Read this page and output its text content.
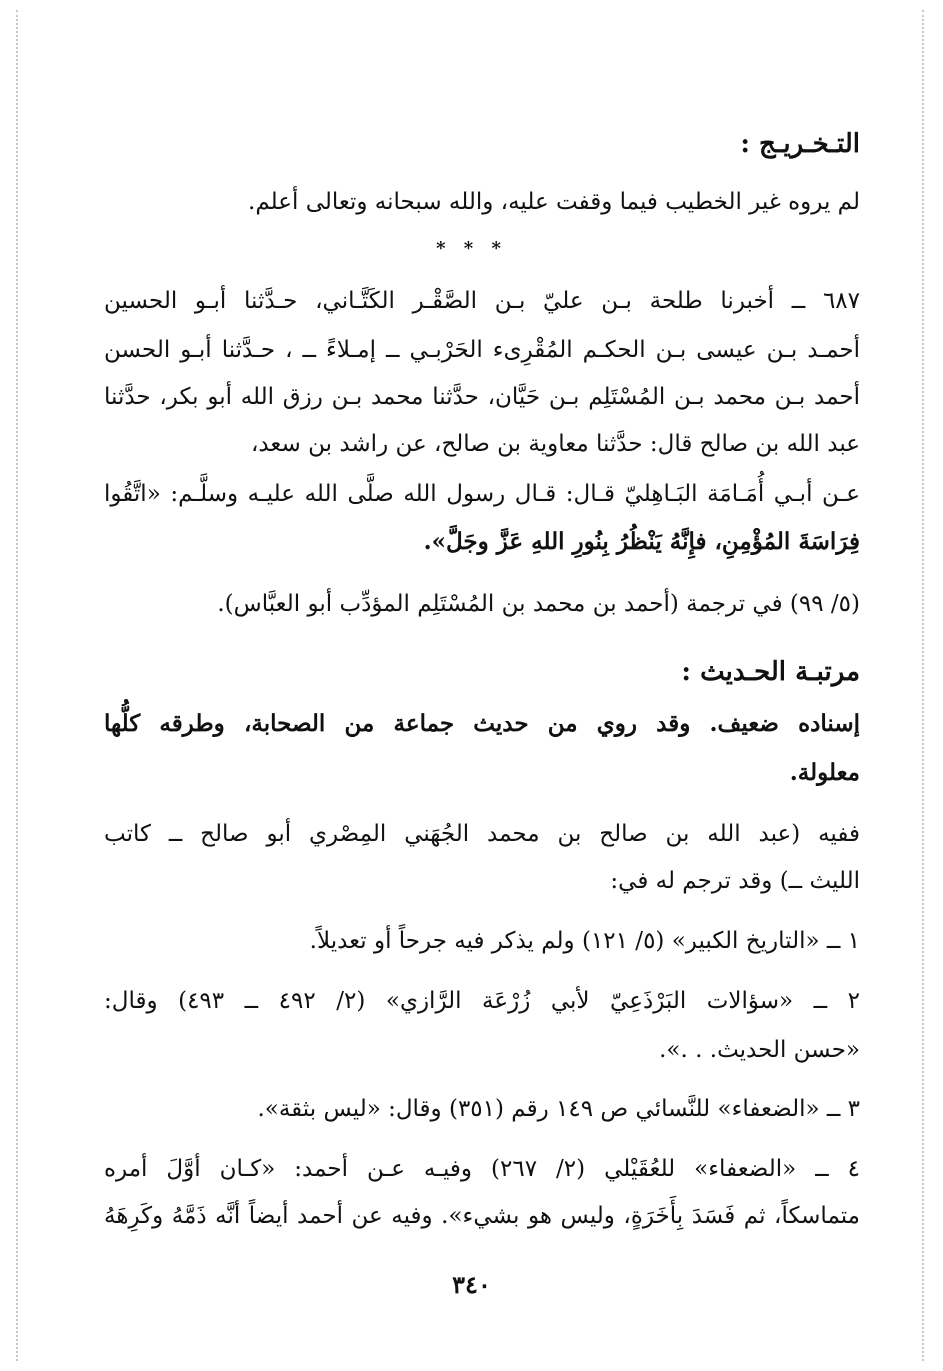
التـخـريـج :
لم يروه غير الخطيب فيما وقفت عليه، والله سبحانه وتعالى أعلم.
* * *
٦٨٧ ــ أخبرنا طلحة بـن عليّ بـن الصَّقْـر الكَتَّـاني، حـدَّثنا أبـو الحسين
أحمـد بـن عيسى بـن الحكـم المُقْرِىء الحَرْبـي ــ إمـلاءً ــ ، حـدَّثنا أبـو الحسن
أحمد بـن محمد بـن المُسْتَلِم بـن حَيَّان، حدَّثنا محمد بـن رزق الله أبو بكر، حدَّثنا
عبد الله بن صالح قال: حدَّثنا معاوية بن صالح، عن راشد بن سعد،
عـن أبـي أُمَـامَة البَـاهِليّ قـال: قـال رسول الله صلَّى الله عليـه وسلَّـم: «اتَّقُوا
فِرَاسَةَ المُؤْمِنِ، فإِنَّهُ يَنْظُرُ بِنُورِ اللهِ عَزَّ وجَلَّ».
(٥/ ٩٩) في ترجمة (أحمد بن محمد بن المُسْتَلِم المؤدِّب أبو العبَّاس).
مرتبـة الحـديث :
إسناده ضعيف. وقد روي من حديث جماعة من الصحابة، وطرقه كلُّها
معلولة.
ففيه (عبد الله بن صالح بن محمد الجُهَني المِصْري أبو صالح ــ كاتب
الليث ــ) وقد ترجم له في:
١ ــ «التاريخ الكبير» (٥/ ١٢١) ولم يذكر فيه جرحاً أو تعديلاً.
٢ ــ «سؤالات البَرْذَعِيّ لأبي زُرْعَة الرَّازي» (٢/ ٤٩٢ ــ ٤٩٣) وقال:
«حسن الحديث. . .».
٣ ــ «الضعفاء» للنَّسائي ص ١٤٩ رقم (٣٥١) وقال: «ليس بثقة».
٤ ــ «الضعفاء» للعُقَيْلي (٢/ ٢٦٧) وفيـه عـن أحمد: «كـان أوَّلَ أمره
متماسكاً، ثم فَسَدَ بِأَخَرَةٍ، وليس هو بشيء». وفيه عن أحمد أيضاً أنَّه ذَمَّهُ وكَرِهَهُ
٣٤٠
